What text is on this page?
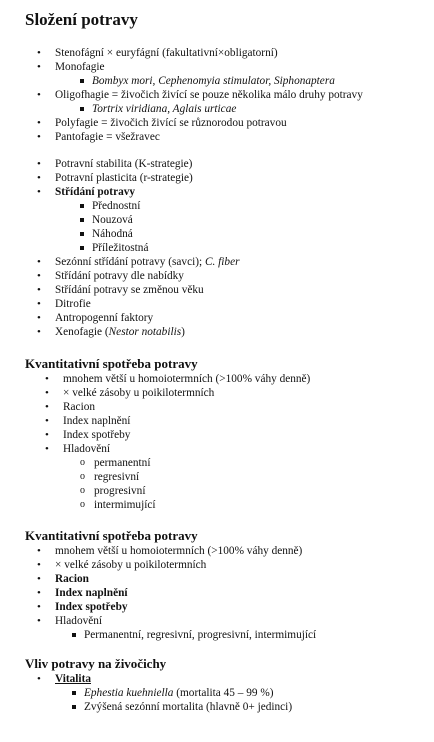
Složení potravy
Kvantitativní spotřeba potravy
Kvantitativní spotřeba potravy
Vliv potravy na živočichy
• Stenofágní × euryfágní (fakultativní×obligatorní)
• Monofagie
Bombyx mori, Cephenomyia stimulator, Siphonaptera
• Oligofhagie = živočich živící se pouze několika málo druhy potravy
Tortrix viridiana, Aglais urticae
• Polyfagie = živočich živící se různorodou potravou
• Pantofagie = všežravec
• Potravní stabilita (K-strategie)
• Potravní plasticita (r-strategie)
• Střídání potravy
Přednostní
Nouzová
Náhodná
Příležitostná
• Sezónní střídání potravy (savci); C. fiber
• Střídání potravy dle nabídky
• Střídání potravy se změnou věku
• Ditrofie
• Antropogenní faktory
• Xenofagie (Nestor notabilis)
• mnohem větší u homoiotermních (>100% váhy denně)
• × velké zásoby u poikilotermních
• Racion
• Index naplnění
• Index spotřeby
• Hladovění
o permanentní
o regresivní
o progresivní
o intermimující
• mnohem větší u homoiotermních (>100% váhy denně)
• × velké zásoby u poikilotermních
• Racion
• Index naplnění
• Index spotřeby
• Hladovění
Permanentní, regresivní, progresivní, intermimující
• Vitalita
Ephestia kuehniella (mortalita 45 – 99 %)
Zvýšená sezónní mortalita (hlavně 0+ jedinci)
